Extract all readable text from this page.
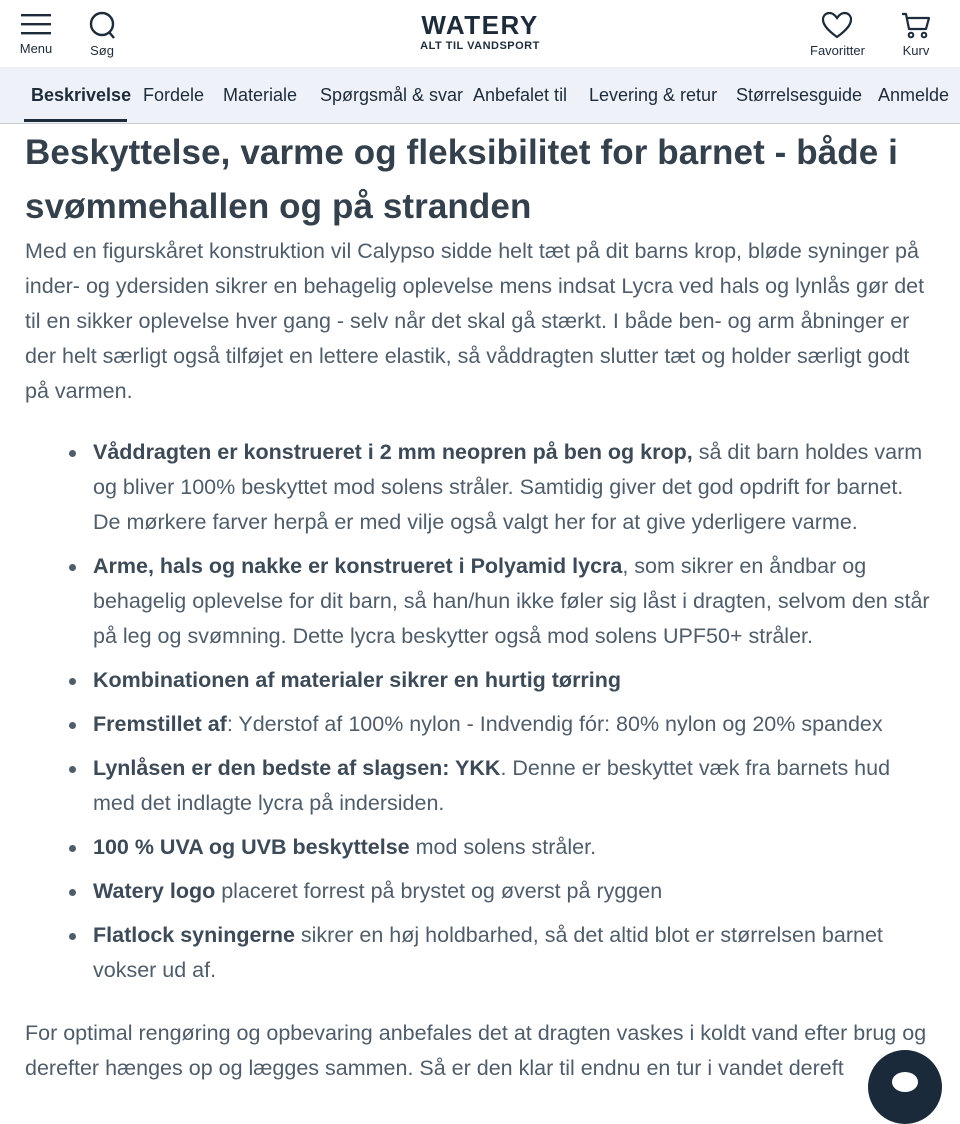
Menu	Søg
WATERY
ALT TIL VANDSPORT	Favoritter	Kurv
Beskrivelse Fordele Materiale Spørgsmål & svar Anbefalet til Levering & retur Størrelsesguide Anmelde
Beskyttelse, varme og fleksibilitet for barnet - både i svømmehallen og på stranden

Med en figurskåret konstruktion vil Calypso sidde helt tæt på dit barns krop, bløde syninger på inder- og ydersiden sikrer en behagelig oplevelse mens indsat Lycra ved hals og lynlås gør det til en sikker oplevelse hver gang - selv når det skal gå stærkt. I både ben- og arm åbninger er der helt særligt også tilføjet en lettere elastik, så våddragten slutter tæt og holder særligt godt på varmen.

Våddragten er konstrueret i 2 mm neopren på ben og krop, så dit barn holdes varm og bliver 100% beskyttet mod solens stråler. Samtidig giver det god opdrift for barnet. De mørkere farver herpå er med vilje også valgt her for at give yderligere varme.
Arme, hals og nakke er konstrueret i Polyamid lycra, som sikrer en åndbar og behagelig oplevelse for dit barn, så han/hun ikke føler sig låst i dragten, selvom den står på leg og svømning. Dette lycra beskytter også mod solens UPF50+ stråler.
Kombinationen af materialer sikrer en hurtig tørring
Fremstillet af: Yderstof af 100% nylon - Indvendig fór: 80% nylon og 20% spandex
Lynlåsen er den bedste af slagsen: YKK. Denne er beskyttet væk fra barnets hud med det indlagte lycra på indersiden.
100 % UVA og UVB beskyttelse mod solens stråler.
Watery logo placeret forrest på brystet og øverst på ryggen
Flatlock syningerne sikrer en høj holdbarhed, så det altid blot er størrelsen barnet vokser ud af.

For optimal rengøring og opbevaring anbefales det at dragten vaskes i koldt vand efter brug og derefter hænges op og lægges sammen. Så er den klar til endnu en tur i vandet dereft
